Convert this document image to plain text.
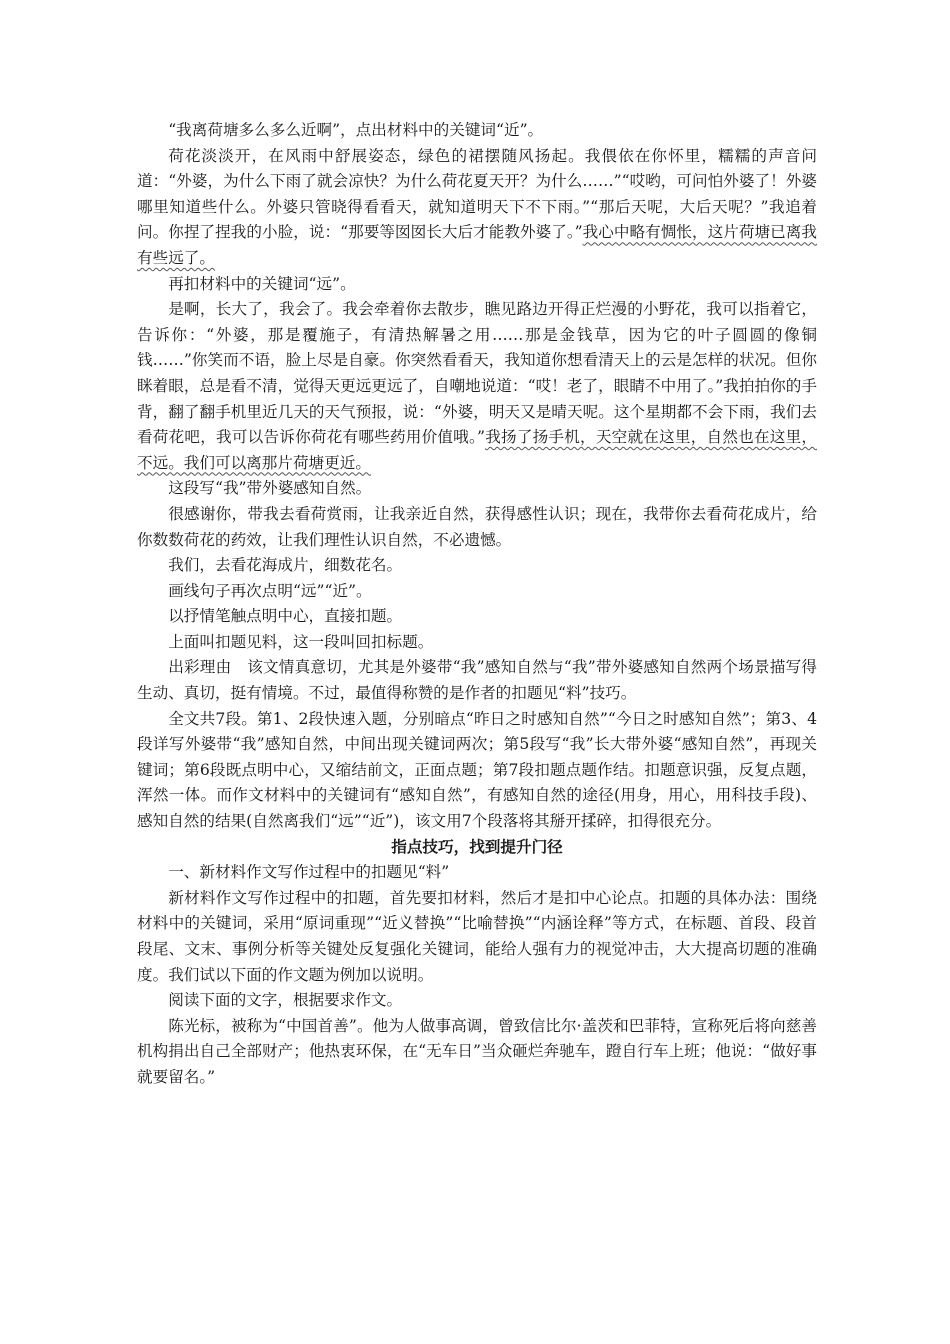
“我离荷塘多么多么近啊”，点出材料中的关键词“近”。

荷花淡淡开，在风雨中舒展姿态，绿色的裙摆随风扬起。我偎依在你怀里，糯糯的声音问道：“外婆，为什么下雨了就会凉快？为什么荷花夏天开？为什么……”“哎哟，可问怕外婆了！外婆哪里知道些什么。外婆只管晓得看看天，就知道明天下不下雨。”“那后天呢，大后天呢？”我追着问。你捏了捏我的小脸，说：“那要等囡囡长大后才能教外婆了。”我心中略有惆怅，这片荷塘已离我有些远了。

再扣材料中的关键词“远”。

是啊，长大了，我会了。我会牵着你去散步，瞧见路边开得正烂漫的小野花，我可以指着它，告诉你：“外婆，那是覆施子，有清热解暑之用……那是金钱草，因为它的叶子圆圆的像铜钱……”你笑而不语，脸上尽是自豪。你突然看看天，我知道你想看清天上的云是怎样的状况。但你眯着眼，总是看不清，觉得天更远更远了，自嘲地说道：“哎！老了，眼睛不中用了。”我拍拍你的手背，翻了翻手机里近几天的天气预报，说：“外婆，明天又是晴天呢。这个星期都不会下雨，我们去看荷花吧，我可以告诉你荷花有哪些药用价值哦。”我扬了扬手机，天空就在这里，自然也在这里，不远。我们可以离那片荷塘更近。

这段写“我”带外婆感知自然。

很感谢你，带我去看荷赏雨，让我亲近自然，获得感性认识；现在，我带你去看荷花成片，给你数数荷花的药效，让我们理性认识自然，不必遗憾。

我们，去看花海成片，细数花名。

画线句子再次点明“远”“近”。

以抒情笔触点明中心，直接扣题。

上面叫扣题见料，这一段叫回扣标题。

出彩理由　该文情真意切，尤其是外婆带“我”感知自然与“我”带外婆感知自然两个场景描写得生动、真切，挺有情境。不过，最值得称赞的是作者的扣题见“料”技巧。

全文共7段。第1、2段快速入题，分别暗点“昨日之时感知自然”“今日之时感知自然”；第3、4段详写外婆带“我”感知自然，中间出现关键词两次；第5段写“我”长大带外婆“感知自然”，再现关键词；第6段既点明中心，又缩结前文，正面点题；第7段扣题点题作结。扣题意识强，反复点题，浑然一体。而作文材料中的关键词有“感知自然”，有感知自然的途径(用身，用心，用科技手段)、感知自然的结果(自然离我们“远”“近”)，该文用7个段落将其掰开揉碎，扣得很充分。

指点技巧，找到提升门径

一、新材料作文写作过程中的扣题见“料”

新材料作文写作过程中的扣题，首先要扣材料，然后才是扣中心论点。扣题的具体办法：围绕材料中的关键词，采用“原词重现”“近义替换”“比喻替换”“内涵诠释”等方式，在标题、首段、段首段尾、文末、事例分析等关键处反复强化关键词，能给人强有力的视觉冲击，大大提高切题的准确度。我们试以下面的作文题为例加以说明。

阅读下面的文字，根据要求作文。

陈光标，被称为“中国首善”。他为人做事高调，曾致信比尔·盖茨和巴菲特，宣称死后将向慈善机构捐出自己全部财产；他热衷环保，在“无车日”当众砸烂奔驰车，蹬自行车上班；他说：“做好事就要留名。”
